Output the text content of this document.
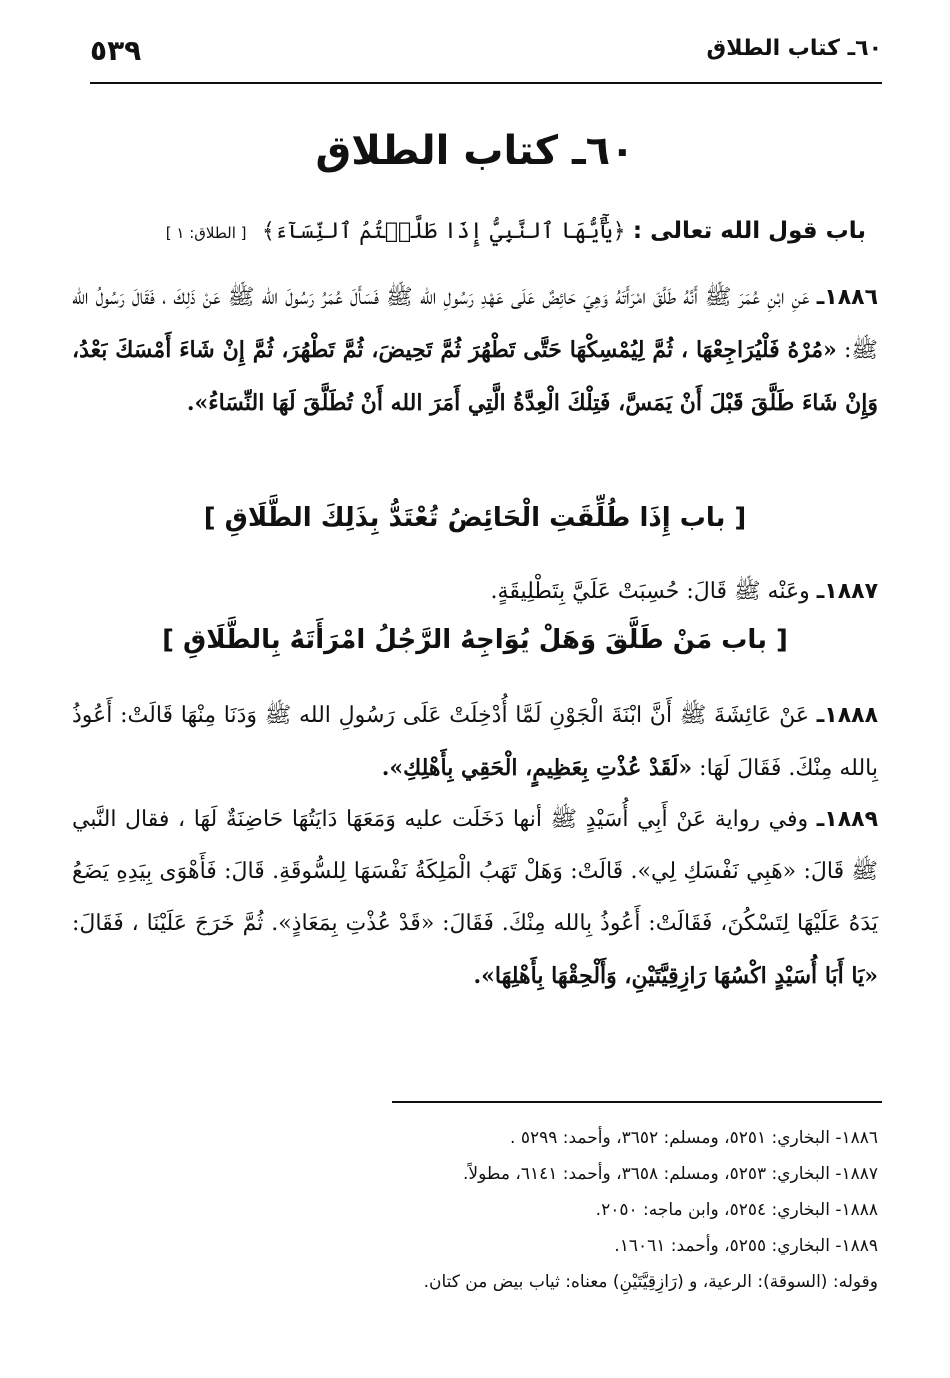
٦٠ـ كتاب الطلاق
٥٣٩
٦٠ـ كتاب الطلاق
باب قول الله تعالى : ﴿يَٰٓأَيُّهَا ٱلنَّبِيُّ إِذَا طَلَّقۡتُمُ ٱلنِّسَآءَ﴾ [ الطلاق: ١ ]
١٨٨٦ـ عَنِ ابْنِ عُمَرَ ﷺ أَنَّهُ طَلَّقَ امْرَأَتَهُ وَهِيَ حَائِضٌ عَلَى عَهْدِ رَسُولِ الله ﷺ فَسَأَلَ عُمَرُ رَسُولَ الله ﷺ عَنْ ذَلِكَ ، فَقَالَ رَسُولُ الله ﷺ: «مُرْهُ فَلْيُرَاجِعْهَا ، ثُمَّ لِيُمْسِكْهَا حَتَّى تَطْهُرَ ثُمَّ تَحِيضَ، ثُمَّ تَطْهُرَ، ثُمَّ إِنْ شَاءَ أَمْسَكَ بَعْدُ، وَإِنْ شَاءَ طَلَّقَ قَبْلَ أَنْ يَمَسَّ، فَتِلْكَ الْعِدَّةُ الَّتِي أَمَرَ الله أَنْ تُطَلَّقَ لَهَا النِّسَاءُ».
[ باب إِذَا طُلِّقَتِ الْحَائِضُ تُعْتَدُّ بِذَلِكَ الطَّلَاقِ ]
١٨٨٧ـ وعَنْه ﷺ قَالَ: حُسِبَتْ عَلَيَّ بِتَطْلِيقَةٍ.
[ باب مَنْ طَلَّقَ وَهَلْ يُوَاجِهُ الرَّجُلُ امْرَأَتَهُ بِالطَّلَاقِ ]
١٨٨٨ـ عَنْ عَائِشَةَ ﷺ أَنَّ ابْنَةَ الْجَوْنِ لَمَّا أُدْخِلَتْ عَلَى رَسُولِ الله ﷺ وَدَنَا مِنْهَا قَالَتْ: أَعُوذُ بِالله مِنْكَ. فَقَالَ لَهَا: «لَقَدْ عُذْتِ بِعَظِيمٍ، الْحَقِي بِأَهْلِكِ».
١٨٨٩ـ وفي رواية عَنْ أَبِي أُسَيْدٍ ﷺ أنها دَخَلَت عليه وَمَعَهَا دَايَتُهَا حَاضِنَةٌ لَهَا ، فقال النَّبي ﷺ قَالَ: «هَبِي نَفْسَكِ لِي». قَالَتْ: وَهَلْ تَهَبُ الْمَلِكَةُ نَفْسَهَا لِلسُّوقَةِ. قَالَ: فَأَهْوَى بِيَدِهِ يَضَعُ يَدَهُ عَلَيْهَا لِتَسْكُنَ، فَقَالَتْ: أَعُوذُ بِالله مِنْكَ. فَقَالَ: «قَدْ عُذْتِ بِمَعَاذٍ». ثُمَّ خَرَجَ عَلَيْنَا ، فَقَالَ: «يَا أَبَا أُسَيْدٍ اكْسُهَا رَازِقِيَّتَيْنِ، وَأَلْحِقْهَا بِأَهْلِهَا».
١٨٨٦- البخاري: ٥٢٥١، ومسلم: ٣٦٥٢، وأحمد: ٥٢٩٩ .
١٨٨٧- البخاري: ٥٢٥٣، ومسلم: ٣٦٥٨، وأحمد: ٦١٤١، مطولاً.
١٨٨٨- البخاري: ٥٢٥٤، وابن ماجه: ٢٠٥٠.
١٨٨٩- البخاري: ٥٢٥٥، وأحمد: ١٦٠٦١.
وقوله: (السوقة): الرعية، و (رَازِقِيَّتَيْنِ) معناه: ثياب بيض من كتان.
